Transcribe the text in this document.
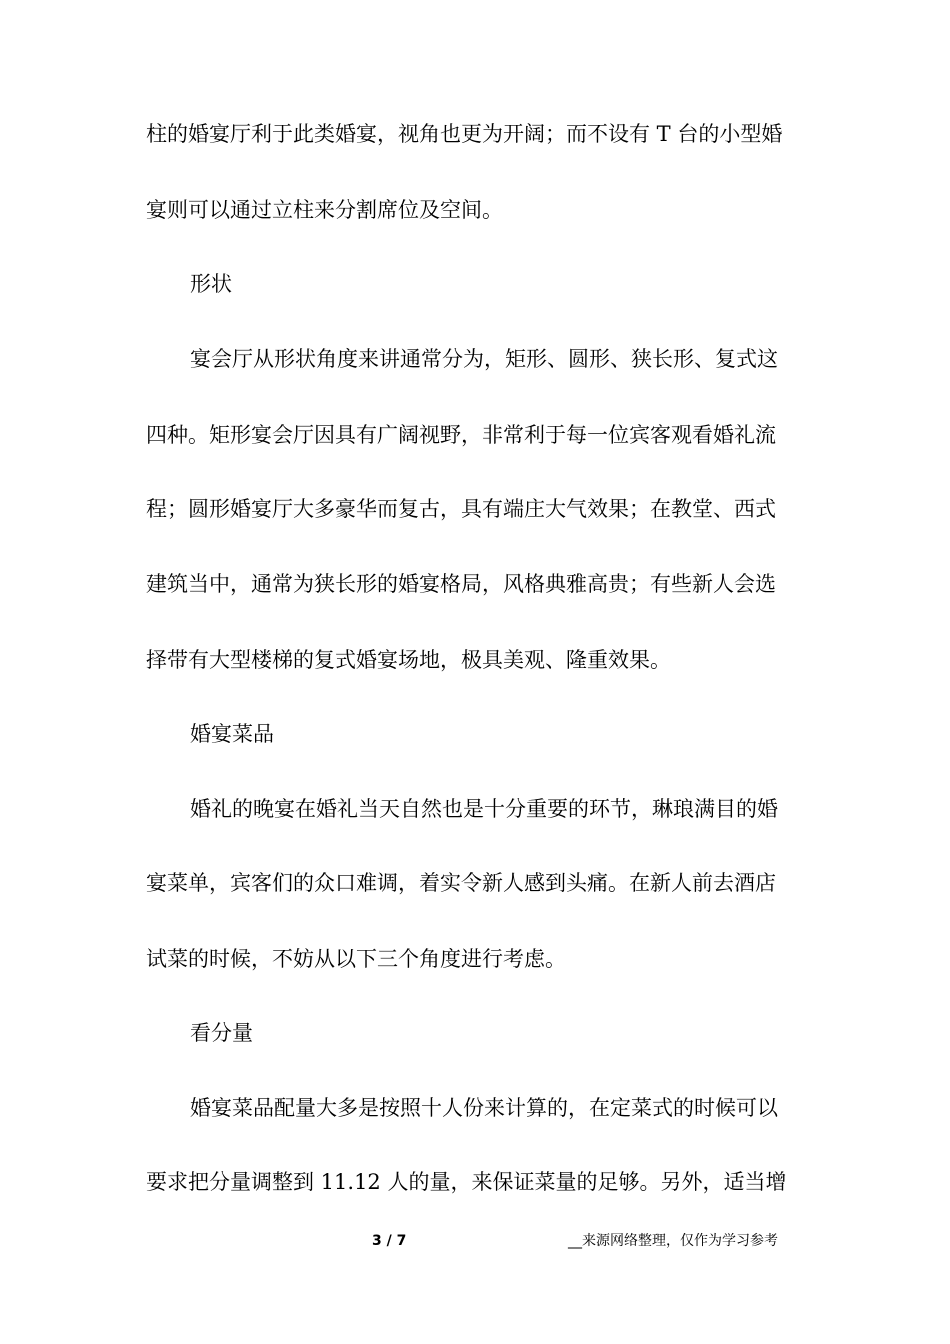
柱的婚宴厅利于此类婚宴，视角也更为开阔；而不设有 T 台的小型婚
宴则可以通过立柱来分割席位及空间。
形状
宴会厅从形状角度来讲通常分为，矩形、圆形、狭长形、复式这
四种。矩形宴会厅因具有广阔视野，非常利于每一位宾客观看婚礼流
程；圆形婚宴厅大多豪华而复古，具有端庄大气效果；在教堂、西式
建筑当中，通常为狭长形的婚宴格局，风格典雅高贵；有些新人会选
择带有大型楼梯的复式婚宴场地，极具美观、隆重效果。
婚宴菜品
婚礼的晚宴在婚礼当天自然也是十分重要的环节，琳琅满目的婚
宴菜单，宾客们的众口难调，着实令新人感到头痛。在新人前去酒店
试菜的时候，不妨从以下三个角度进行考虑。
看分量
婚宴菜品配量大多是按照十人份来计算的，在定菜式的时候可以
要求把分量调整到 11.12 人的量，来保证菜量的足够。另外，适当增
3 / 7	__来源网络整理，仅作为学习参考
